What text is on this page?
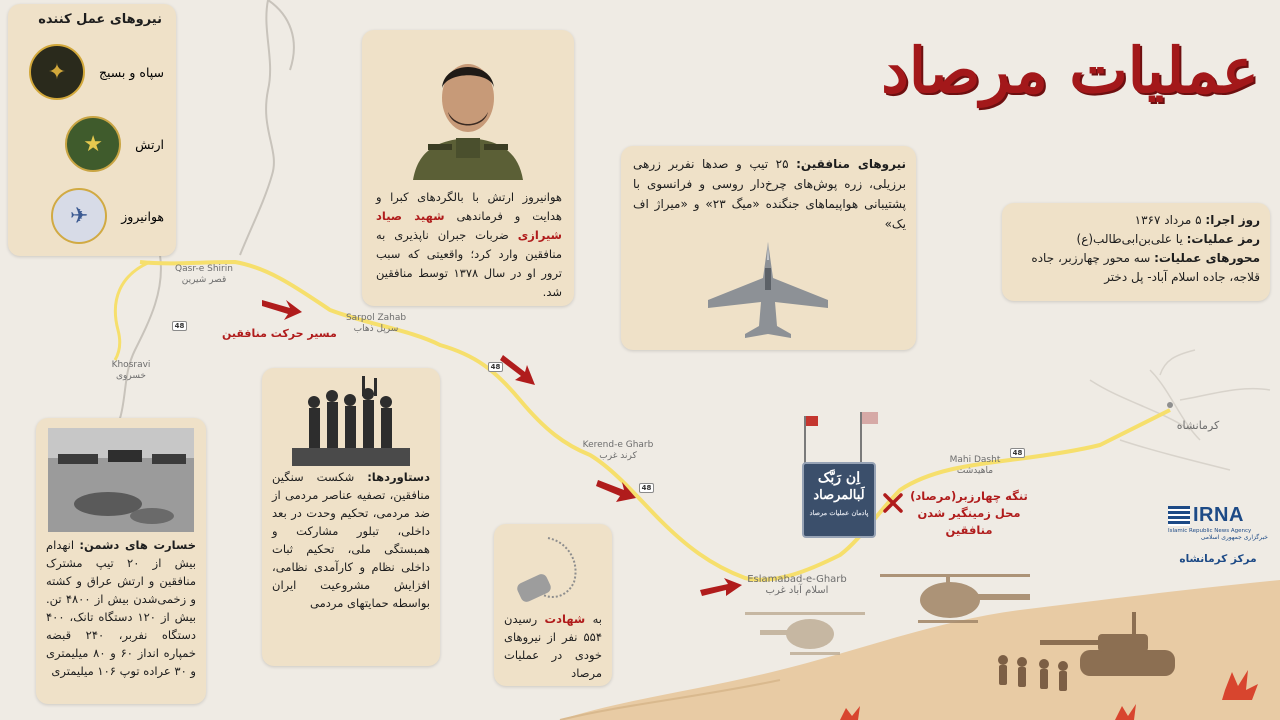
48
48
48
48
Qasr-e Shirin
قصر شیرین
Sarpol Zahab
سرپل ذهاب
Khosravi
خسروی
Kerend-e Gharb
کرند غرب
Eslamabad-e-Gharb
اسلام آباد غرب
Mahi Dasht
ماهیدشت
کرمانشاه
مسیر حرکت منافقین
تنگه چهارزبر(مرصاد) محل زمینگیر شدن منافقین
عملیات مرصاد
نیروهای عمل کننده
سپاه و بسیج
✦
ارتش
★
هوانیروز
✈
هوانیروز ارتش با بالگردهای کبرا و هدایت و فرماندهی شهید صیاد شیرازی ضربات جبران ناپذیری به منافقین وارد کرد؛ واقعیتی که سبب ترور او در سال ۱۳۷۸ توسط منافقین شد.
نیروهای منافقین: ۲۵ تیپ و صدها نفربر زرهی برزیلی، زره پوش‌های چرخ‌دار روسی و فرانسوی با پشتیبانی هواپیماهای جنگنده «میگ ۲۳» و «میراژ اف یک»	روز اجرا: ۵ مرداد ۱۳۶۷
رمز عملیات: یا علی‌بن‌ابی‌طالب(ع)
محورهای عملیات: سه محور چهارزبر، جاده قلاجه، جاده اسلام آباد- پل دختر
دستاوردها: شکست سنگین منافقین، تصفیه عناصر مردمی از ضد مردمی، تحکیم وحدت در بعد داخلی، تبلور مشارکت و همبستگی ملی، تحکیم ثبات داخلی نظام و کارآمدی نظامی، افزایش مشروعیت ایران بواسطه حمایتهای مردمی
خسارت های دشمن: انهدام بیش از ۲۰ تیپ مشترک منافقین و ارتش عراق و کشته و زخمی‌شدن بیش از ۴۸۰۰ تن. بیش از ۱۲۰ دستگاه تانک، ۴۰۰ دستگاه نفربر، ۲۴۰ قبضه خمپاره انداز ۶۰ و ۸۰ میلیمتری و ۳۰ عراده توپ ۱۰۶ میلیمتری
به شهادت رسیدن ۵۵۴ نفر از نیروهای خودی در عملیات مرصاد
اِن رَبَّک
لَبالمرصاد
پادمان عملیات مرصاد	IRNA
Islamic Republic News Agency
خبرگزاری جمهوری اسلامی
مرکز کرمانشاه
